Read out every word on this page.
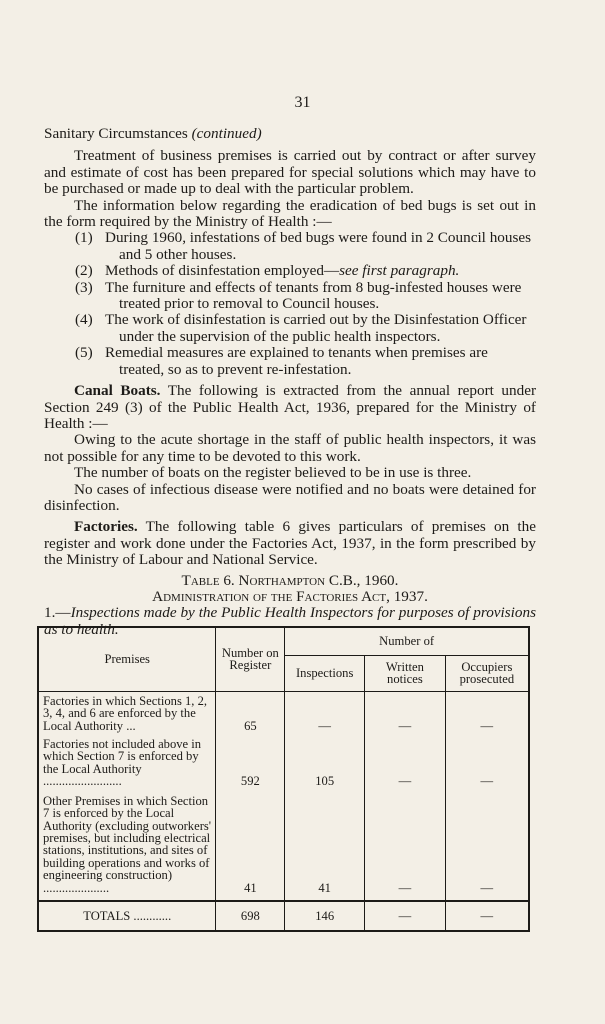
31

Sanitary Circumstances (continued)

Treatment of business premises is carried out by contract or after survey and estimate of cost has been prepared for special solutions which may have to be purchased or made up to deal with the particular problem.

The information below regarding the eradication of bed bugs is set out in the form required by the Ministry of Health :—

(1) During 1960, infestations of bed bugs were found in 2 Council houses and 5 other houses.

(2) Methods of disinfestation employed—see first paragraph.

(3) The furniture and effects of tenants from 8 bug-infested houses were treated prior to removal to Council houses.

(4) The work of disinfestation is carried out by the Disinfestation Officer under the supervision of the public health inspectors.

(5) Remedial measures are explained to tenants when premises are treated, so as to prevent re-infestation.

Canal Boats. The following is extracted from the annual report under Section 249 (3) of the Public Health Act, 1936, prepared for the Ministry of Health :—

Owing to the acute shortage in the staff of public health inspectors, it was not possible for any time to be devoted to this work.

The number of boats on the register believed to be in use is three.

No cases of infectious disease were notified and no boats were detained for disinfection.

Factories. The following table 6 gives particulars of premises on the register and work done under the Factories Act, 1937, in the form prescribed by the Ministry of Labour and National Service.

Table 6. Northampton C.B., 1960.

Administration of the Factories Act, 1937.

1.—Inspections made by the Public Health Inspectors for purposes of provisions as to health.

Premises	Number on Register	Number of		
		Inspections	Written notices	Occupiers prosecuted
Factories in which Sections 1, 2, 3, 4, and 6 are enforced by the Local Authority ...	65	—	—	—
Factories not included above in which Section 7 is enforced by the Local Authority .........................	592	105	—	—
Other Premises in which Section 7 is enforced by the Local Authority (excluding outworkers' premises, but including electrical stations, institutions, and sites of building operations and works of engineering construction) .....................	41	41	—	—
TOTALS ............	698	146	—	—
